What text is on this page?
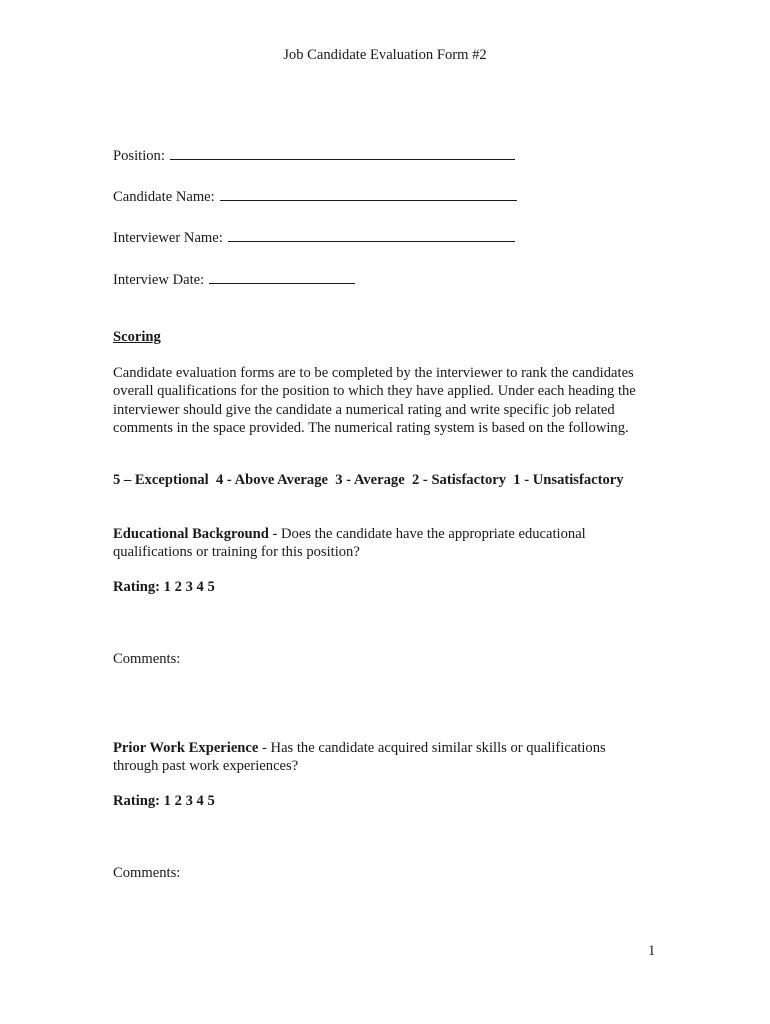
Job Candidate Evaluation Form #2
Position:
Candidate Name:
Interviewer Name:
Interview Date:
Scoring
Candidate evaluation forms are to be completed by the interviewer to rank the candidates
overall qualifications for the position to which they have applied. Under each heading the
interviewer should give the candidate a numerical rating and write specific job related
comments in the space provided. The numerical rating system is based on the following.
5 – Exceptional  4 - Above Average  3 - Average  2 - Satisfactory  1 - Unsatisfactory
Educational Background - Does the candidate have the appropriate educational
qualifications or training for this position?
Rating: 1 2 3 4 5
Comments:
Prior Work Experience - Has the candidate acquired similar skills or qualifications
through past work experiences?
Rating: 1 2 3 4 5
Comments:
1
